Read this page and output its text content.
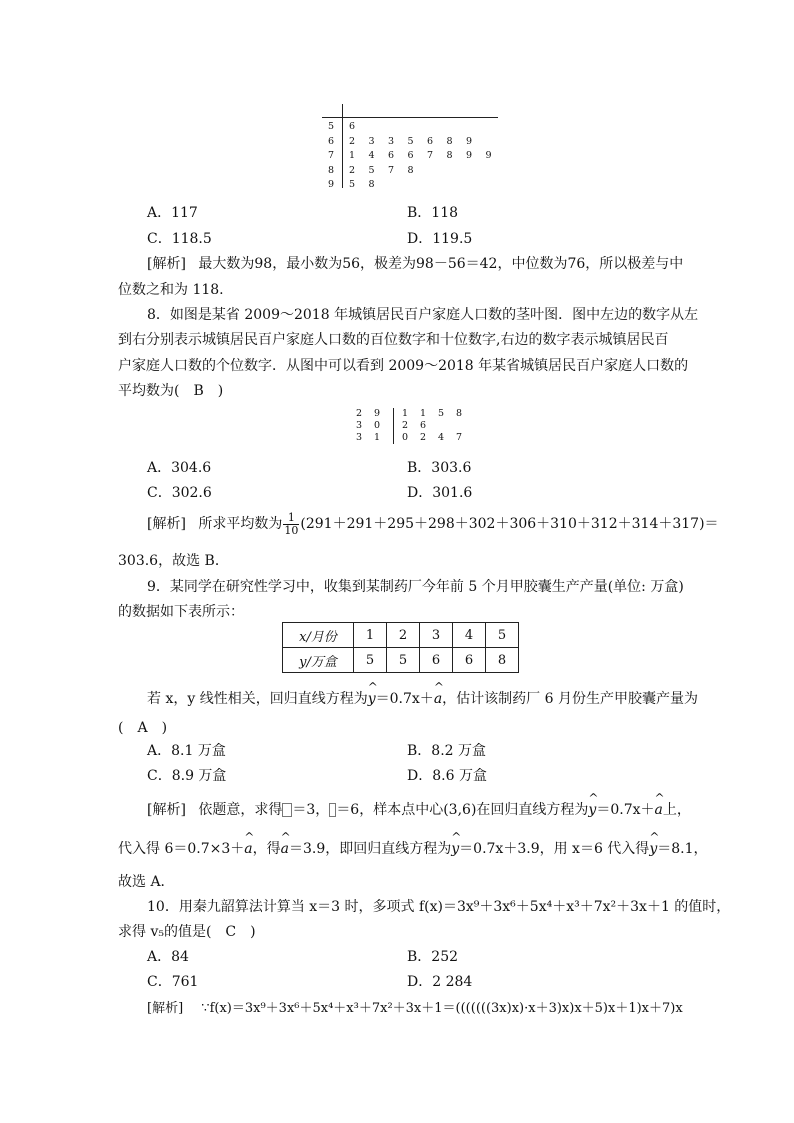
5 6
6 2 3 3 5 6 8 9
7 1 4 6 6 7 8 9 9
8 2 5 7 8
9 5 8
A．117	B．118
C．118.5	D．119.5
[解析] 最大数为98，最小数为56，极差为98－56＝42，中位数为76，所以极差与中
位数之和为 118.
8．如图是某省 2009～2018 年城镇居民百户家庭人口数的茎叶图．图中左边的数字从左
到右分别表示城镇居民百户家庭人口数的百位数字和十位数字,右边的数字表示城镇居民百
户家庭人口数的个位数字．从图中可以看到 2009～2018 年某省城镇居民百户家庭人口数的
平均数为(　B　)
2 9 1 1 5 8
3 0 2 6
3 1 0 2 4 7
A．304.6	B．303.6
C．302.6	D．301.6
[解析] 所求平均数为 $\frac{1}{10} (291+291+295+298+302+306+310+312+314+317)=$
303.6，故选 B．
9．某同学在研究性学习中，收集到某制药厂今年前 5 个月甲胶囊生产产量(单位: 万盒)
的数据如下表所示：
x/月份	1	2	3	4	5
y/万盒	5	5	6	6	8
若 x，y 线性相关，回归直线方程为^ y＝0.7x＋^ a，估计该制药厂 6 月份生产甲胶囊产量为
(　A　)
A．8.1 万盒	B．8.2 万盒
C．8.9 万盒	D．8.6 万盒
[解析] 依题意，求得 ＝3， ＝6，样本点中心(3,6)在回归直线方程为^ y＝0.7x＋^ a上，
代入得 6＝0.7×3＋^ a，得^ a＝3.9，即回归直线方程为^ y＝0.7x＋3.9，用 x＝6 代入得^ y＝8.1，
故选 A．
10．用秦九韶算法计算当 x＝3 时，多项式 f(x)＝3x⁹＋3x⁶＋5x⁴＋x³＋7x²＋3x＋1 的值时，
求得 v₅的值是(　C　)
A．84	B．252
C．761	D．2 284
[解析] ∵f(x)＝3x⁹＋3x⁶＋5x⁴＋x³＋7x²＋3x＋1＝(((((((3x)x)·x＋3)x)x＋5)x＋1)x＋7)x
